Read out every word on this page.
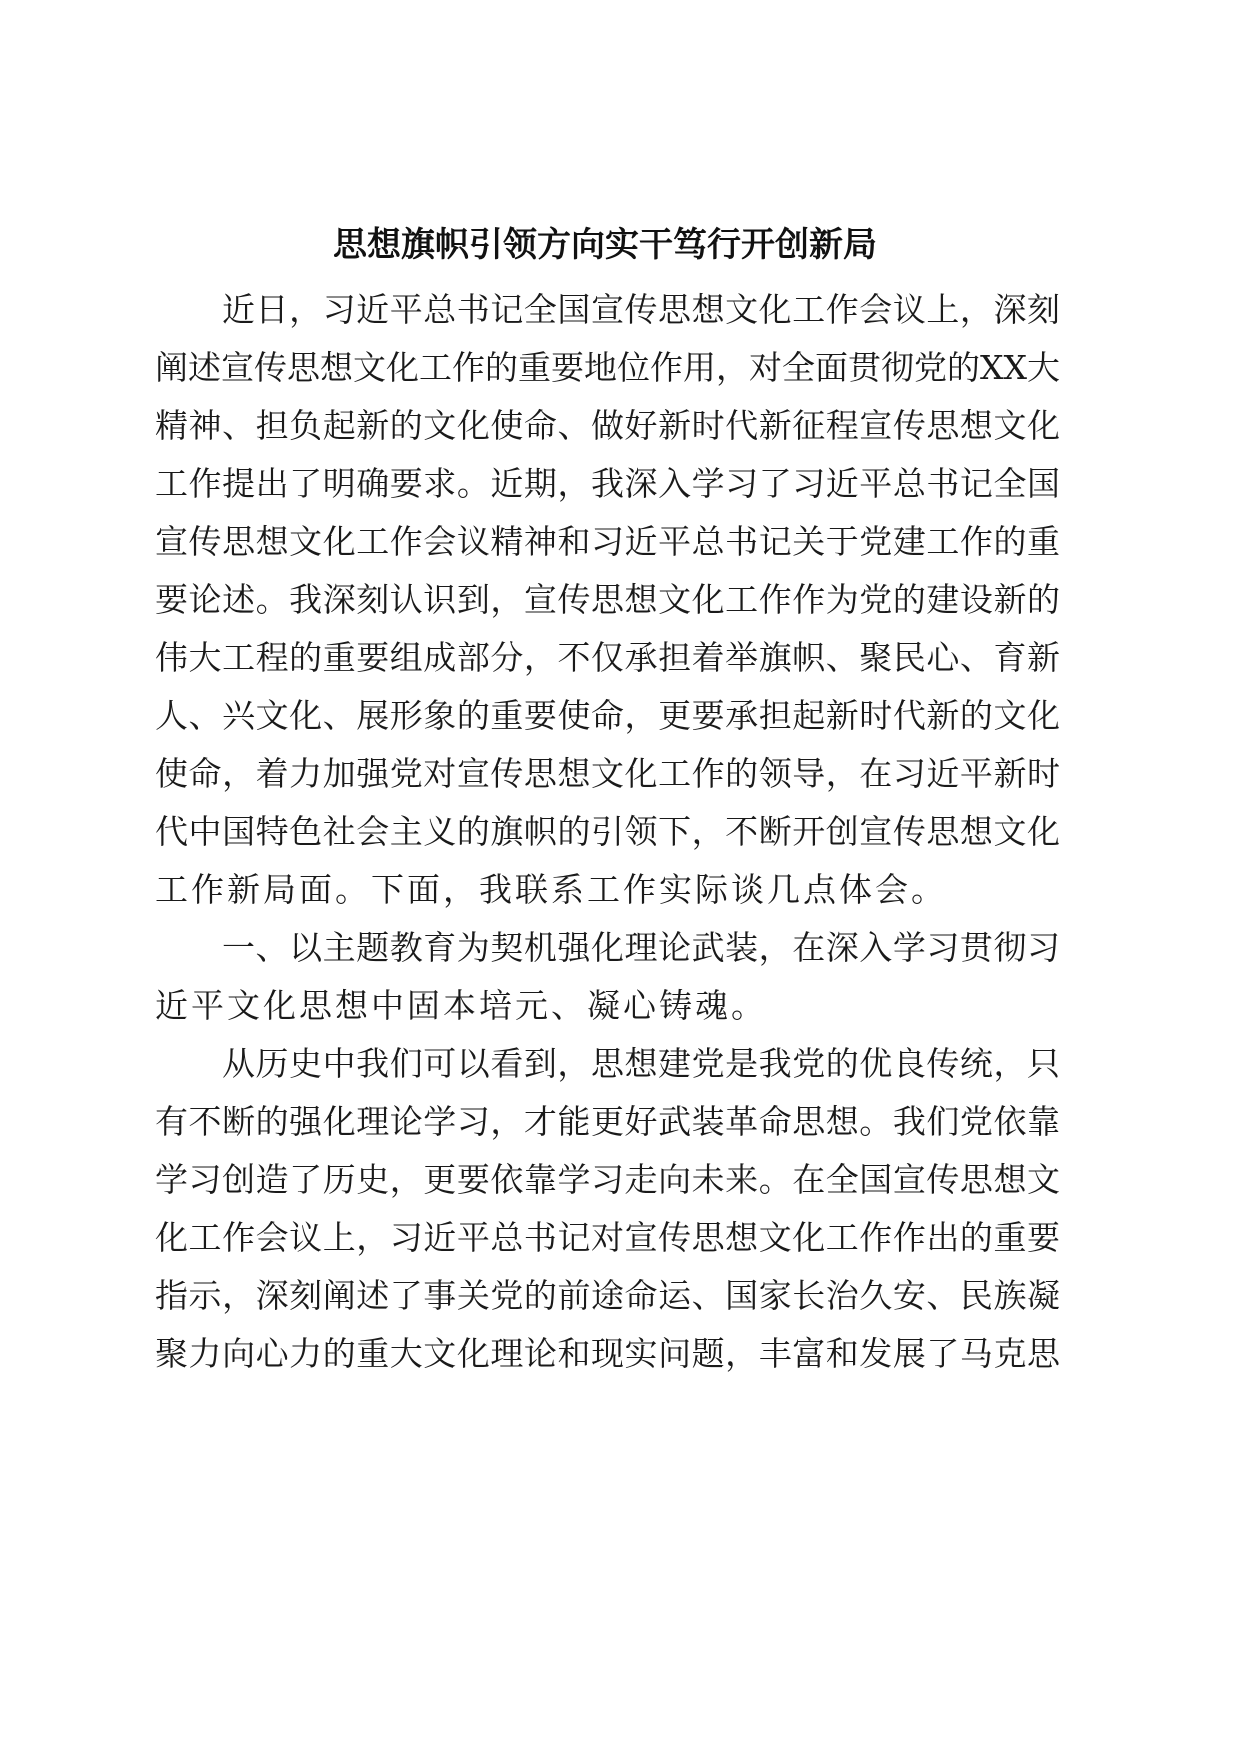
思想旗帜引领方向实干笃行开创新局

近日，习近平总书记全国宣传思想文化工作会议上，深刻

阐述宣传思想文化工作的重要地位作用，对全面贯彻党的XX大

精神、担负起新的文化使命、做好新时代新征程宣传思想文化

工作提出了明确要求。近期，我深入学习了习近平总书记全国

宣传思想文化工作会议精神和习近平总书记关于党建工作的重

要论述。我深刻认识到，宣传思想文化工作作为党的建设新的

伟大工程的重要组成部分，不仅承担着举旗帜、聚民心、育新

人、兴文化、展形象的重要使命，更要承担起新时代新的文化

使命，着力加强党对宣传思想文化工作的领导，在习近平新时

代中国特色社会主义的旗帜的引领下，不断开创宣传思想文化

工作新局面。下面，我联系工作实际谈几点体会。

一、以主题教育为契机强化理论武装，在深入学习贯彻习

近平文化思想中固本培元、凝心铸魂。

从历史中我们可以看到，思想建党是我党的优良传统，只

有不断的强化理论学习，才能更好武装革命思想。我们党依靠

学习创造了历史，更要依靠学习走向未来。在全国宣传思想文

化工作会议上，习近平总书记对宣传思想文化工作作出的重要

指示，深刻阐述了事关党的前途命运、国家长治久安、民族凝

聚力向心力的重大文化理论和现实问题，丰富和发展了马克思
